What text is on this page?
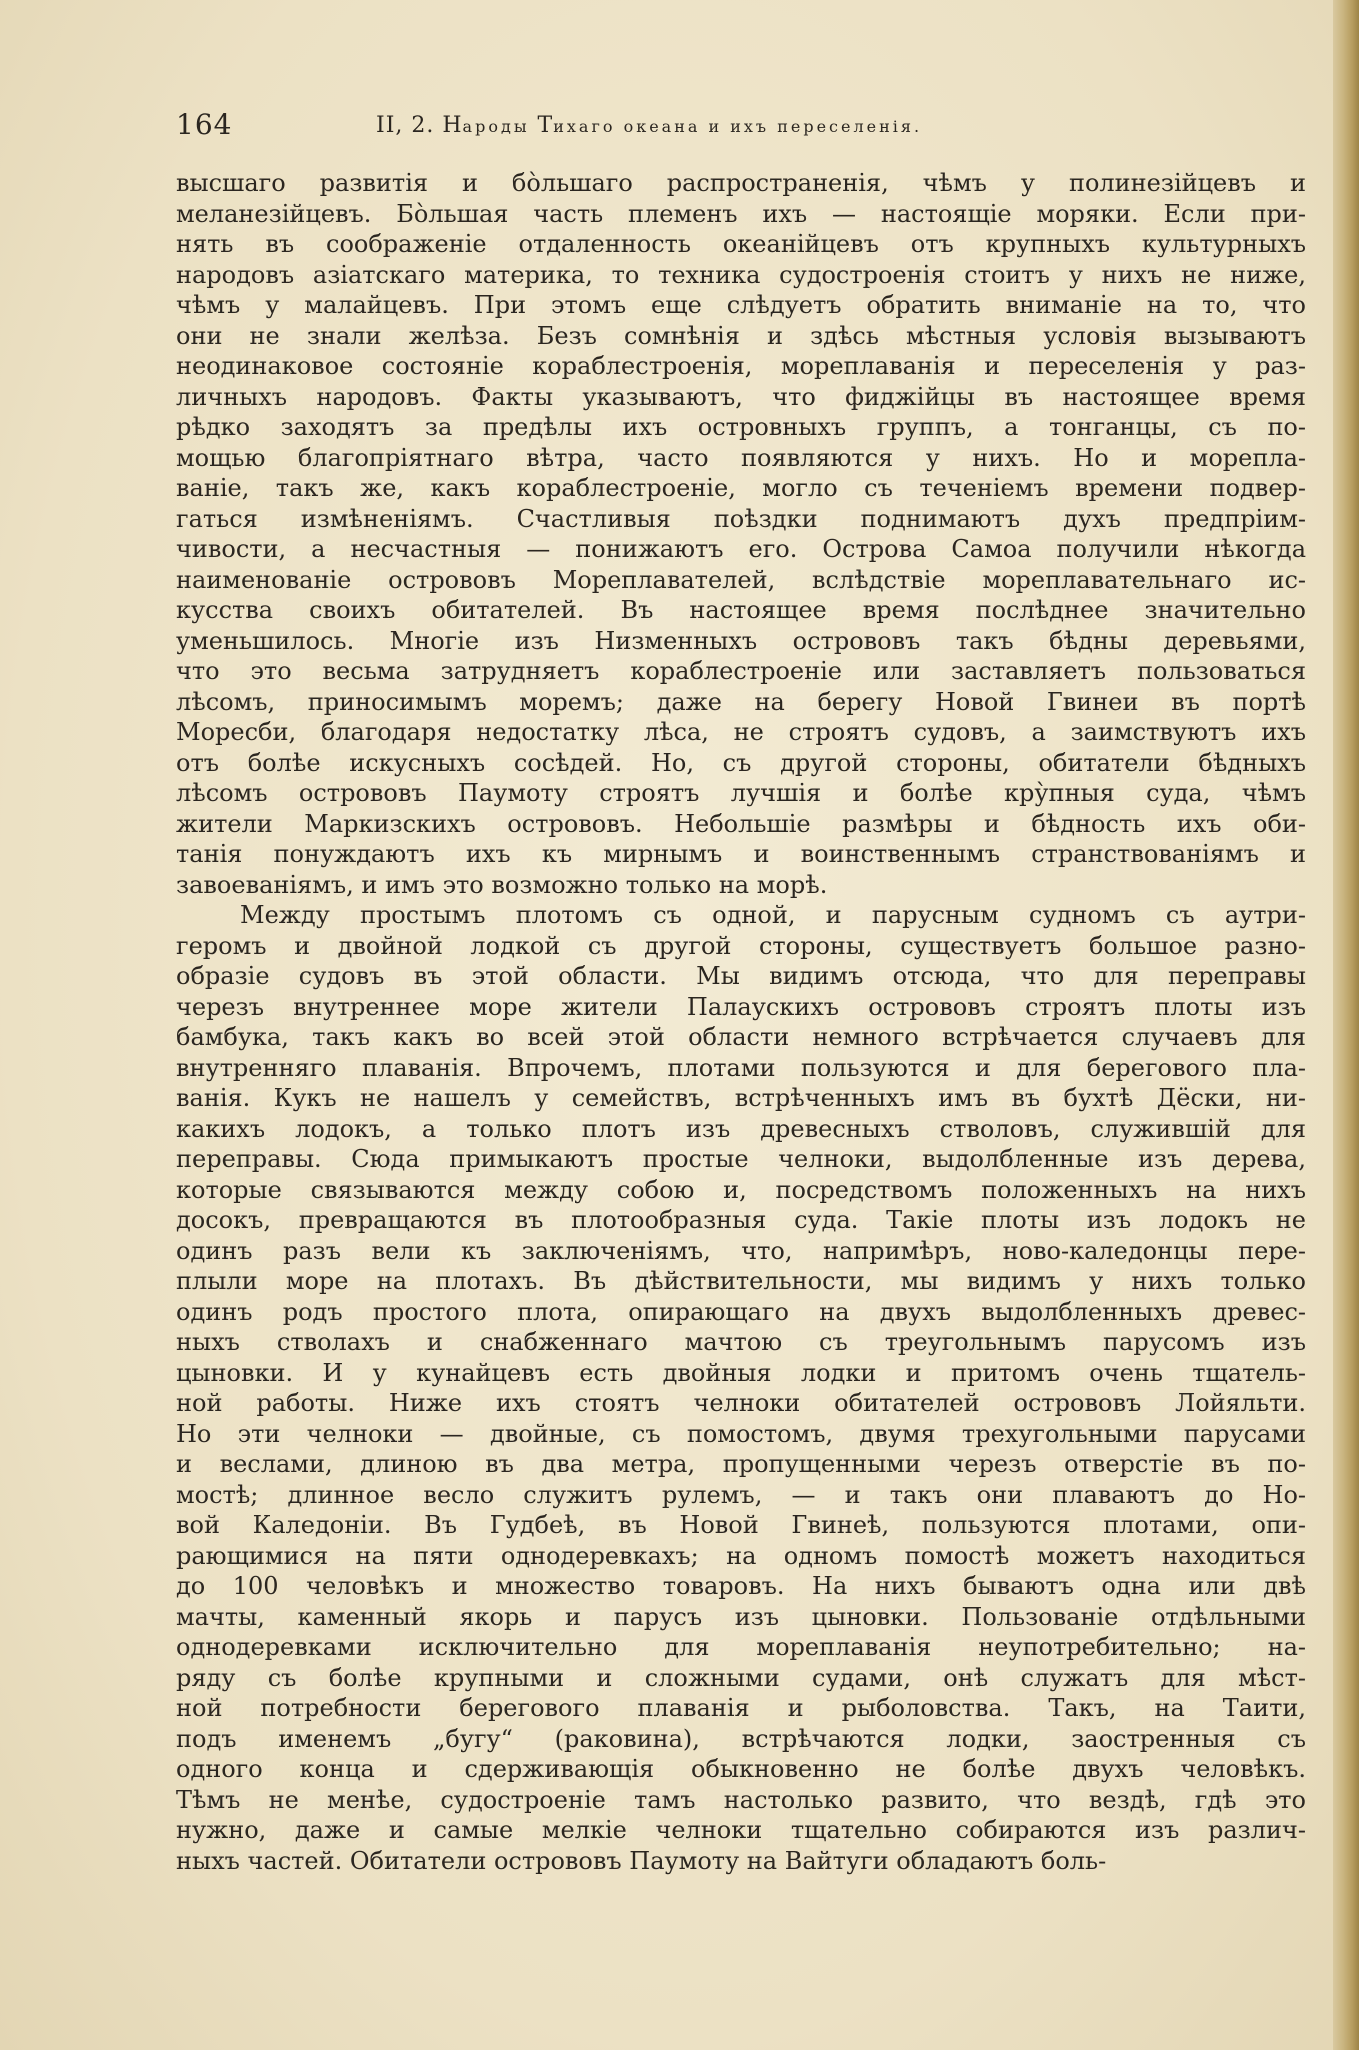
164	II, 2. Народы Тихаго океана и ихъ переселенія.
высшаго развитія и бо̀льшаго распространенія, чѣмъ у полинезійцевъ и
меланезійцевъ. Бо̀льшая часть племенъ ихъ — настоящіе моряки. Если при-
нять въ соображеніе отдаленность океанійцевъ отъ крупныхъ культурныхъ
народовъ азіатскаго материка, то техника судостроенія стоитъ у нихъ не ниже,
чѣмъ у малайцевъ. При этомъ еще слѣдуетъ обратить вниманіе на то, что
они не знали желѣза. Безъ сомнѣнія и здѣсь мѣстныя условія вызываютъ
неодинаковое состояніе кораблестроенія, мореплаванія и переселенія у раз-
личныхъ народовъ. Факты указываютъ, что фиджійцы въ настоящее время
рѣдко заходятъ за предѣлы ихъ островныхъ группъ, а тонганцы, съ по-
мощью благопріятнаго вѣтра, часто появляются у нихъ. Но и морепла-
ваніе, такъ же, какъ кораблестроеніе, могло съ теченіемъ времени подвер-
гаться измѣненіямъ. Счастливыя поѣздки поднимаютъ духъ предпріим-
чивости, а несчастныя — понижаютъ его. Острова Самоа получили нѣкогда
наименованіе острововъ Мореплавателей, вслѣдствіе мореплавательнаго ис-
кусства своихъ обитателей. Въ настоящее время послѣднее значительно
уменьшилось. Многіе изъ Низменныхъ острововъ такъ бѣдны деревьями,
что это весьма затрудняетъ кораблестроеніе или заставляетъ пользоваться
лѣсомъ, приносимымъ моремъ; даже на берегу Новой Гвинеи въ портѣ
Моресби, благодаря недостатку лѣса, не строятъ судовъ, а заимствуютъ ихъ
отъ болѣе искусныхъ сосѣдей. Но, съ другой стороны, обитатели бѣдныхъ
лѣсомъ острововъ Паумоту строятъ лучшія и болѣе кру̀пныя суда, чѣмъ
жители Маркизскихъ острововъ. Небольшіе размѣры и бѣдность ихъ оби-
танія понуждаютъ ихъ къ мирнымъ и воинственнымъ странствованіямъ и
завоеваніямъ, и имъ это возможно только на морѣ.
Между простымъ плотомъ съ одной, и парусным судномъ съ аутри-
геромъ и двойной лодкой съ другой стороны, существуетъ большое разно-
образіе судовъ въ этой области. Мы видимъ отсюда, что для переправы
черезъ внутреннее море жители Палаускихъ острововъ строятъ плоты изъ
бамбука, такъ какъ во всей этой области немного встрѣчается случаевъ для
внутренняго плаванія. Впрочемъ, плотами пользуются и для берегового пла-
ванія. Кукъ не нашелъ у семействъ, встрѣченныхъ имъ въ бухтѣ Дёски, ни-
какихъ лодокъ, а только плотъ изъ древесныхъ стволовъ, служившій для
переправы. Сюда примыкаютъ простые челноки, выдолбленные изъ дерева,
которые связываются между собою и, посредствомъ положенныхъ на нихъ
досокъ, превращаются въ плотообразныя суда. Такіе плоты изъ лодокъ не
одинъ разъ вели къ заключеніямъ, что, напримѣръ, ново-каледонцы пере-
плыли море на плотахъ. Въ дѣйствительности, мы видимъ у нихъ только
одинъ родъ простого плота, опирающаго на двухъ выдолбленныхъ древес-
ныхъ стволахъ и снабженнаго мачтою съ треугольнымъ парусомъ изъ
цыновки. И у кунайцевъ есть двойныя лодки и притомъ очень тщатель-
ной работы. Ниже ихъ стоятъ челноки обитателей острововъ Лойяльти.
Но эти челноки — двойные, съ помостомъ, двумя трехугольными парусами
и веслами, длиною въ два метра, пропущенными черезъ отверстіе въ по-
мостѣ; длинное весло служитъ рулемъ, — и такъ они плаваютъ до Но-
вой Каледоніи. Въ Гудбеѣ, въ Новой Гвинеѣ, пользуются плотами, опи-
рающимися на пяти однодеревкахъ; на одномъ помостѣ можетъ находиться
до 100 человѣкъ и множество товаровъ. На нихъ бываютъ одна или двѣ
мачты, каменный якорь и парусъ изъ цыновки. Пользованіе отдѣльными
однодеревками исключительно для мореплаванія неупотребительно; на-
ряду съ болѣе крупными и сложными судами, онѣ служатъ для мѣст-
ной потребности берегового плаванія и рыболовства. Такъ, на Таити,
подъ именемъ „бугу“ (раковина), встрѣчаются лодки, заостренныя съ
одного конца и сдерживающія обыкновенно не болѣе двухъ человѣкъ.
Тѣмъ не менѣе, судостроеніе тамъ настолько развито, что вездѣ, гдѣ это
нужно, даже и самые мелкіе челноки тщательно собираются изъ различ-
ныхъ частей. Обитатели острововъ Паумоту на Вайтуги обладаютъ боль-
